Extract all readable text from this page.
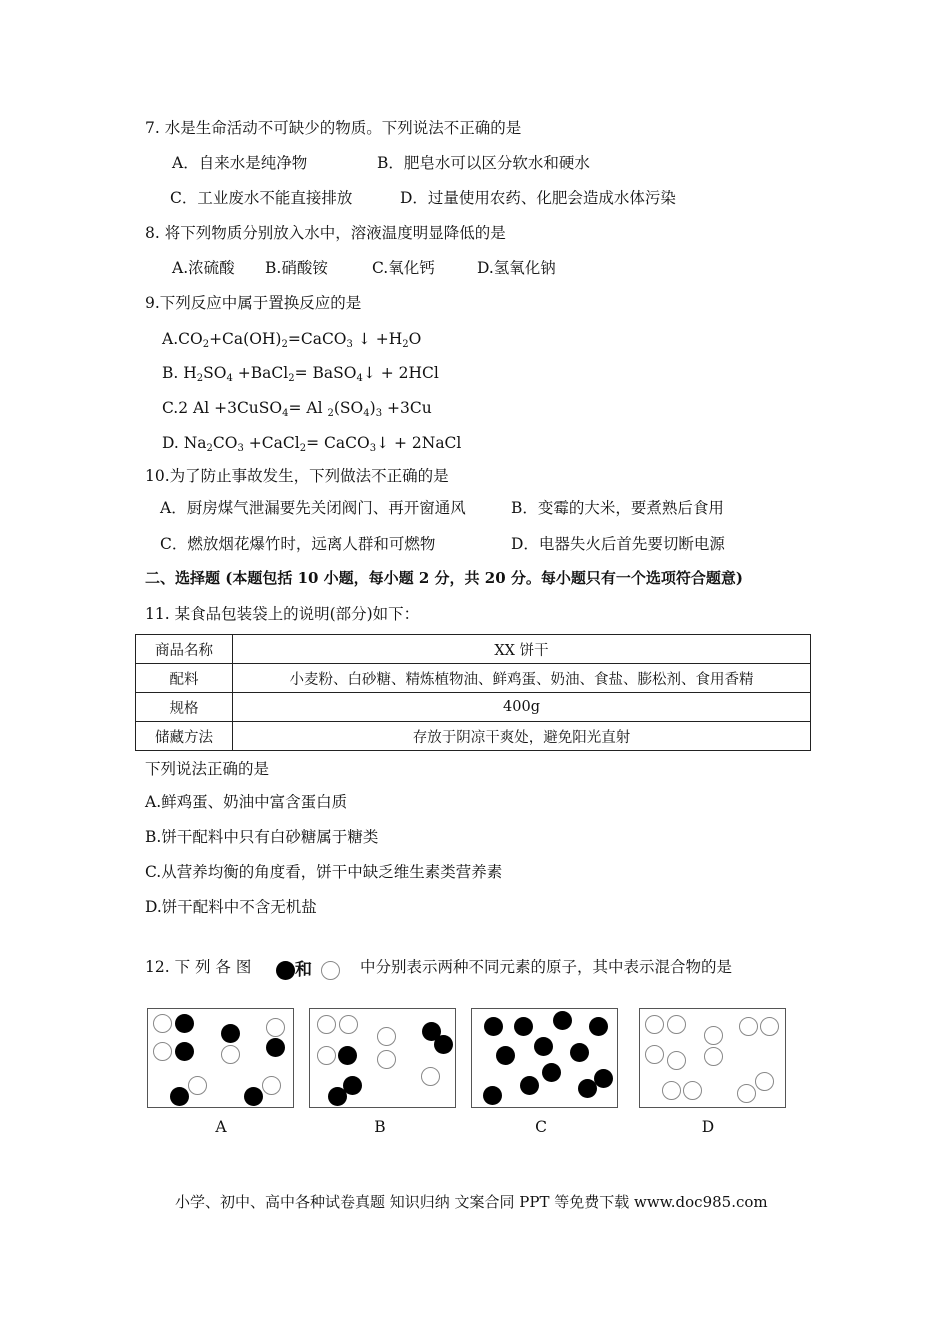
7. 水是生命活动不可缺少的物质。下列说法不正确的是
A．自来水是纯净物	B．肥皂水可以区分软水和硬水
C．工业废水不能直接排放	D．过量使用农药、化肥会造成水体污染
8. 将下列物质分别放入水中，溶液温度明显降低的是
A.浓硫酸 B.硝酸铵	C.氧化钙	D.氢氧化钠
9.下列反应中属于置换反应的是
$A.CO_2+Ca(OH)_2=CaCO_3$ ↓ $+H_2O$
B. $H_2SO_4$ +BaCl$_2$= BaSO$_4$↓ + 2HCl
C.2 Al +3CuSO$_4$= Al $_2(SO_4)_3 +3Cu$
D. $Na_2CO_3$ +CaCl$_2$= CaCO$_3$↓ + 2NaCl
10.为了防止事故发生，下列做法不正确的是
A．厨房煤气泄漏要先关闭阀门、再开窗通风	B．变霉的大米，要煮熟后食用
C．燃放烟花爆竹时，远离人群和可燃物	D．电器失火后首先要切断电源
二、选择题 (本题包括 10 小题，每小题 2 分，共 20 分。每小题只有一个选项符合题意)
11. 某食品包装袋上的说明(部分)如下：
商品名称	XX 饼干
配料	小麦粉、白砂糖、精炼植物油、鲜鸡蛋、奶油、食盐、膨松剂、食用香精
规格	400g
储藏方法	存放于阴凉干爽处，避免阳光直射
下列说法正确的是
A.鲜鸡蛋、奶油中富含蛋白质
B.饼干配料中只有白砂糖属于糖类
C.从营养均衡的角度看，饼干中缺乏维生素类营养素
D.饼干配料中不含无机盐
12. 下 列 各 图	和	中分别表示两种不同元素的原子，其中表示混合物的是
A	B	C	D
小学、初中、高中各种试卷真题 知识归纳 文案合同 PPT 等免费下载 www.doc985.com
